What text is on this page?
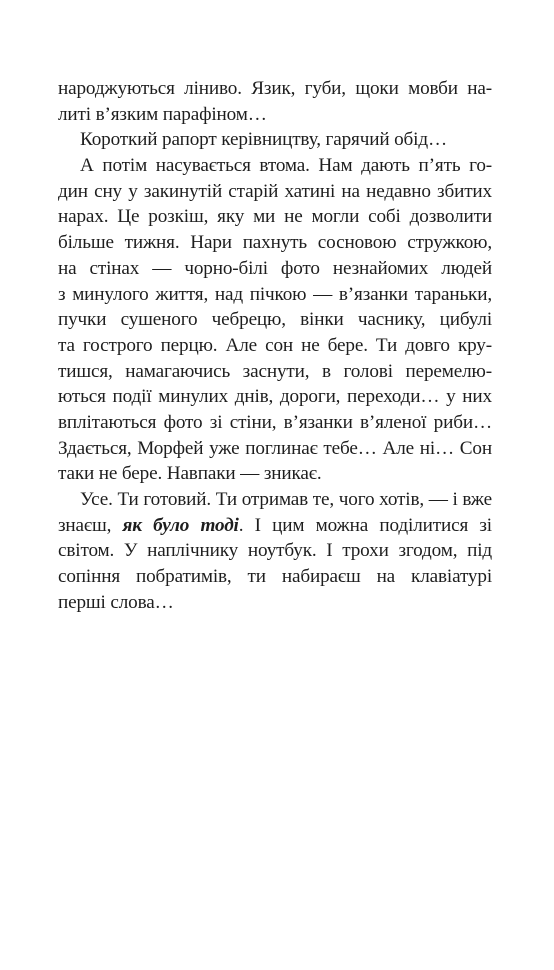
народжуються ліниво. Язик, губи, щоки мовби на-
литі в’язким парафіном…
Короткий рапорт керівництву, гарячий обід…
А потім насувається втома. Нам дають п’ять го-
дин сну у закинутій старій хатині на недавно збитих
нарах. Це розкіш, яку ми не могли собі дозволити
більше тижня. Нари пахнуть сосновою стружкою,
на стінах — чорно-білі фото незнайомих людей
з минулого життя, над пічкою — в’язанки тараньки,
пучки сушеного чебрецю, вінки часнику, цибулі
та гострого перцю. Але сон не бере. Ти довго кру-
тишся, намагаючись заснути, в голові перемелю-
ються події минулих днів, дороги, переходи… у них
вплітаються фото зі стіни, в’язанки в’яленої риби…
Здається, Морфей уже поглинає тебе… Але ні… Сон
таки не бере. Навпаки — зникає.
Усе. Ти готовий. Ти отримав те, чого хотів, — і вже
знаєш, як було тоді. І цим можна поділитися зі
світом. У наплічнику ноутбук. І трохи згодом, під
сопіння побратимів, ти набираєш на клавіатурі
перші слова…
